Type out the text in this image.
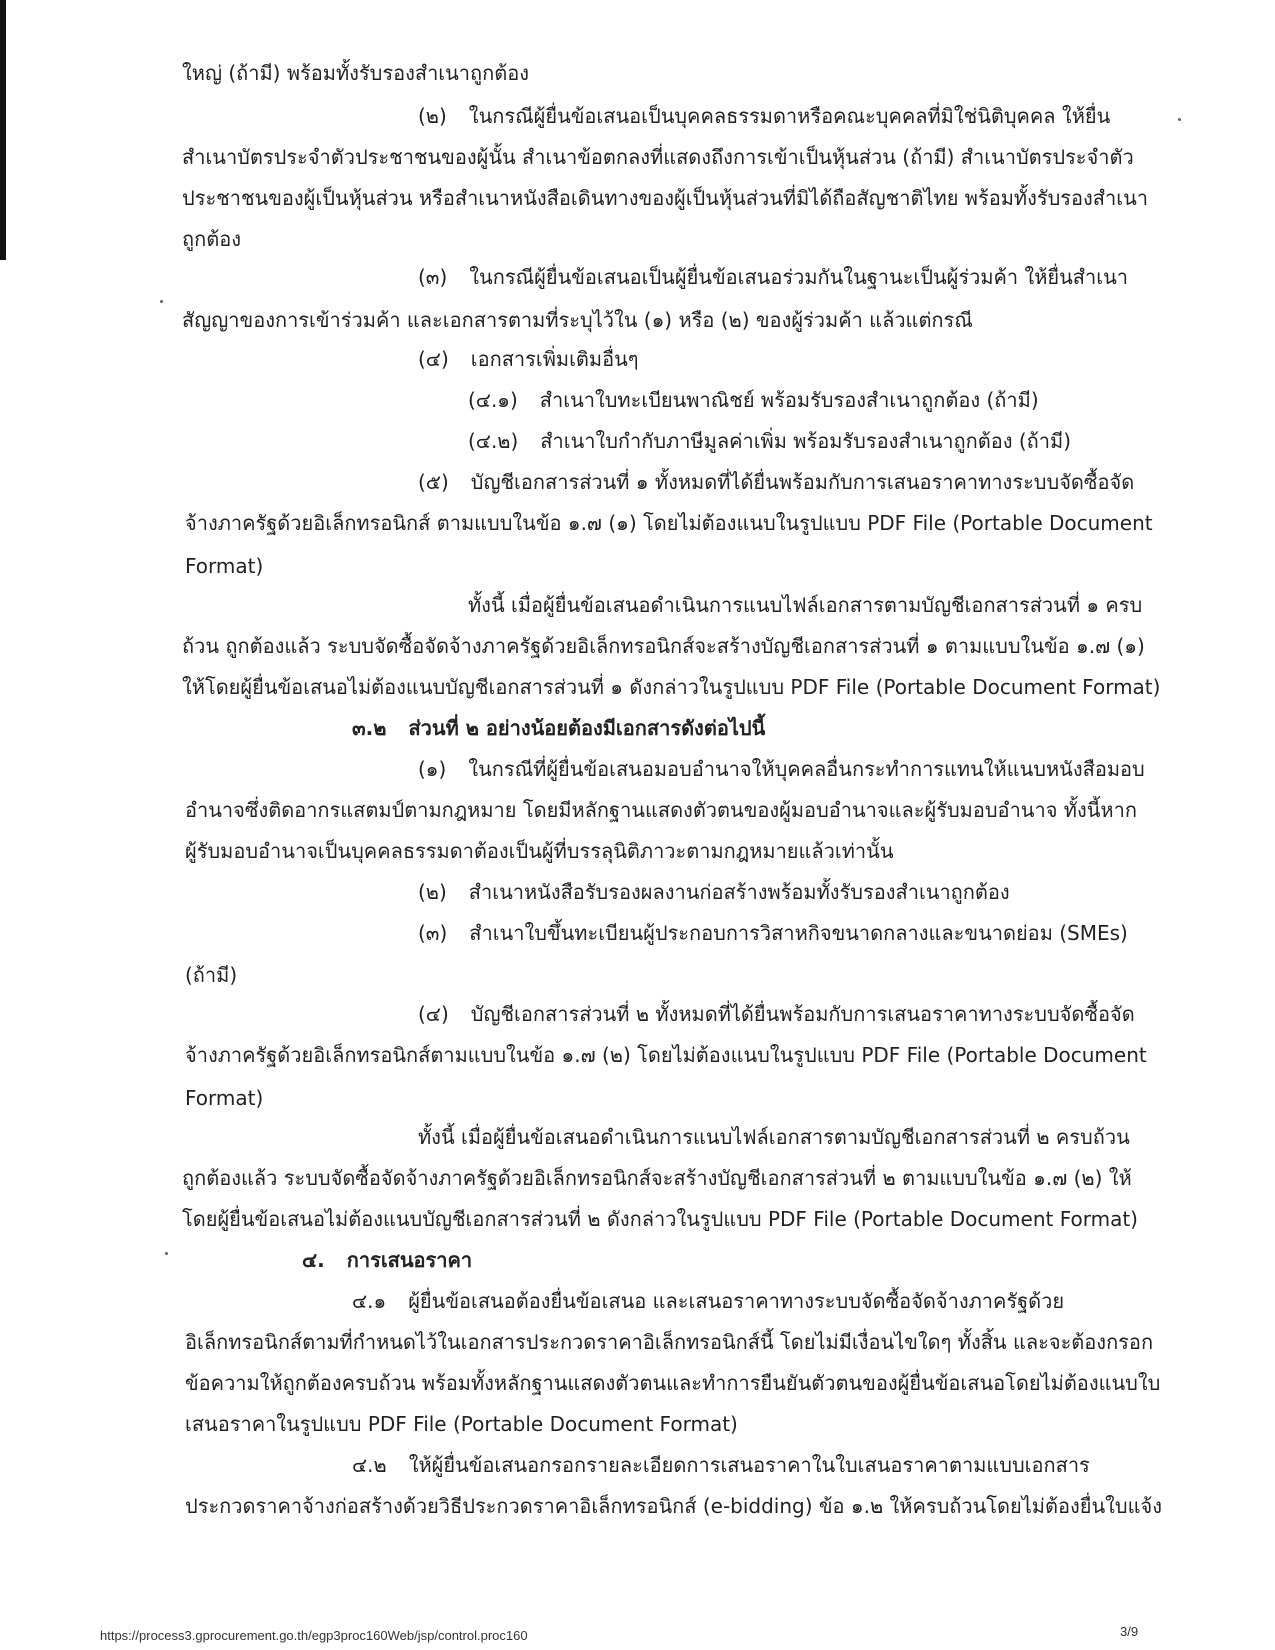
ใหญ่ (ถ้ามี) พร้อมทั้งรับรองสำเนาถูกต้อง
(๒) ในกรณีผู้ยื่นข้อเสนอเป็นบุคคลธรรมดาหรือคณะบุคคลที่มิใช่นิติบุคคล ให้ยื่น
สำเนาบัตรประจำตัวประชาชนของผู้นั้น สำเนาข้อตกลงที่แสดงถึงการเข้าเป็นหุ้นส่วน (ถ้ามี) สำเนาบัตรประจำตัว
ประชาชนของผู้เป็นหุ้นส่วน หรือสำเนาหนังสือเดินทางของผู้เป็นหุ้นส่วนที่มิได้ถือสัญชาติไทย พร้อมทั้งรับรองสำเนา
ถูกต้อง
(๓) ในกรณีผู้ยื่นข้อเสนอเป็นผู้ยื่นข้อเสนอร่วมกันในฐานะเป็นผู้ร่วมค้า ให้ยื่นสำเนา
สัญญาของการเข้าร่วมค้า และเอกสารตามที่ระบุไว้ใน (๑) หรือ (๒) ของผู้ร่วมค้า แล้วแต่กรณี
(๔) เอกสารเพิ่มเติมอื่นๆ
(๔.๑) สำเนาใบทะเบียนพาณิชย์ พร้อมรับรองสำเนาถูกต้อง (ถ้ามี)
(๔.๒) สำเนาใบกำกับภาษีมูลค่าเพิ่ม พร้อมรับรองสำเนาถูกต้อง (ถ้ามี)
(๕) บัญชีเอกสารส่วนที่ ๑ ทั้งหมดที่ได้ยื่นพร้อมกับการเสนอราคาทางระบบจัดซื้อจัด
จ้างภาครัฐด้วยอิเล็กทรอนิกส์ ตามแบบในข้อ ๑.๗ (๑) โดยไม่ต้องแนบในรูปแบบ PDF File (Portable Document
Format)
ทั้งนี้ เมื่อผู้ยื่นข้อเสนอดำเนินการแนบไฟล์เอกสารตามบัญชีเอกสารส่วนที่ ๑ ครบ
ถ้วน ถูกต้องแล้ว ระบบจัดซื้อจัดจ้างภาครัฐด้วยอิเล็กทรอนิกส์จะสร้างบัญชีเอกสารส่วนที่ ๑ ตามแบบในข้อ ๑.๗ (๑)
ให้โดยผู้ยื่นข้อเสนอไม่ต้องแนบบัญชีเอกสารส่วนที่ ๑ ดังกล่าวในรูปแบบ PDF File (Portable Document Format)
๓.๒ ส่วนที่ ๒ อย่างน้อยต้องมีเอกสารดังต่อไปนี้
(๑) ในกรณีที่ผู้ยื่นข้อเสนอมอบอำนาจให้บุคคลอื่นกระทำการแทนให้แนบหนังสือมอบ
อำนาจซึ่งติดอากรแสตมป์ตามกฎหมาย โดยมีหลักฐานแสดงตัวตนของผู้มอบอำนาจและผู้รับมอบอำนาจ ทั้งนี้หาก
ผู้รับมอบอำนาจเป็นบุคคลธรรมดาต้องเป็นผู้ที่บรรลุนิติภาวะตามกฎหมายแล้วเท่านั้น
(๒) สำเนาหนังสือรับรองผลงานก่อสร้างพร้อมทั้งรับรองสำเนาถูกต้อง
(๓) สำเนาใบขึ้นทะเบียนผู้ประกอบการวิสาหกิจขนาดกลางและขนาดย่อม (SMEs)
(ถ้ามี)
(๔) บัญชีเอกสารส่วนที่ ๒ ทั้งหมดที่ได้ยื่นพร้อมกับการเสนอราคาทางระบบจัดซื้อจัด
จ้างภาครัฐด้วยอิเล็กทรอนิกส์ตามแบบในข้อ ๑.๗ (๒) โดยไม่ต้องแนบในรูปแบบ PDF File (Portable Document
Format)
ทั้งนี้ เมื่อผู้ยื่นข้อเสนอดำเนินการแนบไฟล์เอกสารตามบัญชีเอกสารส่วนที่ ๒ ครบถ้วน
ถูกต้องแล้ว ระบบจัดซื้อจัดจ้างภาครัฐด้วยอิเล็กทรอนิกส์จะสร้างบัญชีเอกสารส่วนที่ ๒ ตามแบบในข้อ ๑.๗ (๒) ให้
โดยผู้ยื่นข้อเสนอไม่ต้องแนบบัญชีเอกสารส่วนที่ ๒ ดังกล่าวในรูปแบบ PDF File (Portable Document Format)
๔. การเสนอราคา
๔.๑ ผู้ยื่นข้อเสนอต้องยื่นข้อเสนอ และเสนอราคาทางระบบจัดซื้อจัดจ้างภาครัฐด้วย
อิเล็กทรอนิกส์ตามที่กำหนดไว้ในเอกสารประกวดราคาอิเล็กทรอนิกส์นี้ โดยไม่มีเงื่อนไขใดๆ ทั้งสิ้น และจะต้องกรอก
ข้อความให้ถูกต้องครบถ้วน พร้อมทั้งหลักฐานแสดงตัวตนและทำการยืนยันตัวตนของผู้ยื่นข้อเสนอโดยไม่ต้องแนบใบ
เสนอราคาในรูปแบบ PDF File (Portable Document Format)
๔.๒ ให้ผู้ยื่นข้อเสนอกรอกรายละเอียดการเสนอราคาในใบเสนอราคาตามแบบเอกสาร
ประกวดราคาจ้างก่อสร้างด้วยวิธีประกวดราคาอิเล็กทรอนิกส์ (e-bidding) ข้อ ๑.๒ ให้ครบถ้วนโดยไม่ต้องยื่นใบแจ้ง
https://process3.gprocurement.go.th/egp3proc160Web/jsp/control.proc160	3/9
